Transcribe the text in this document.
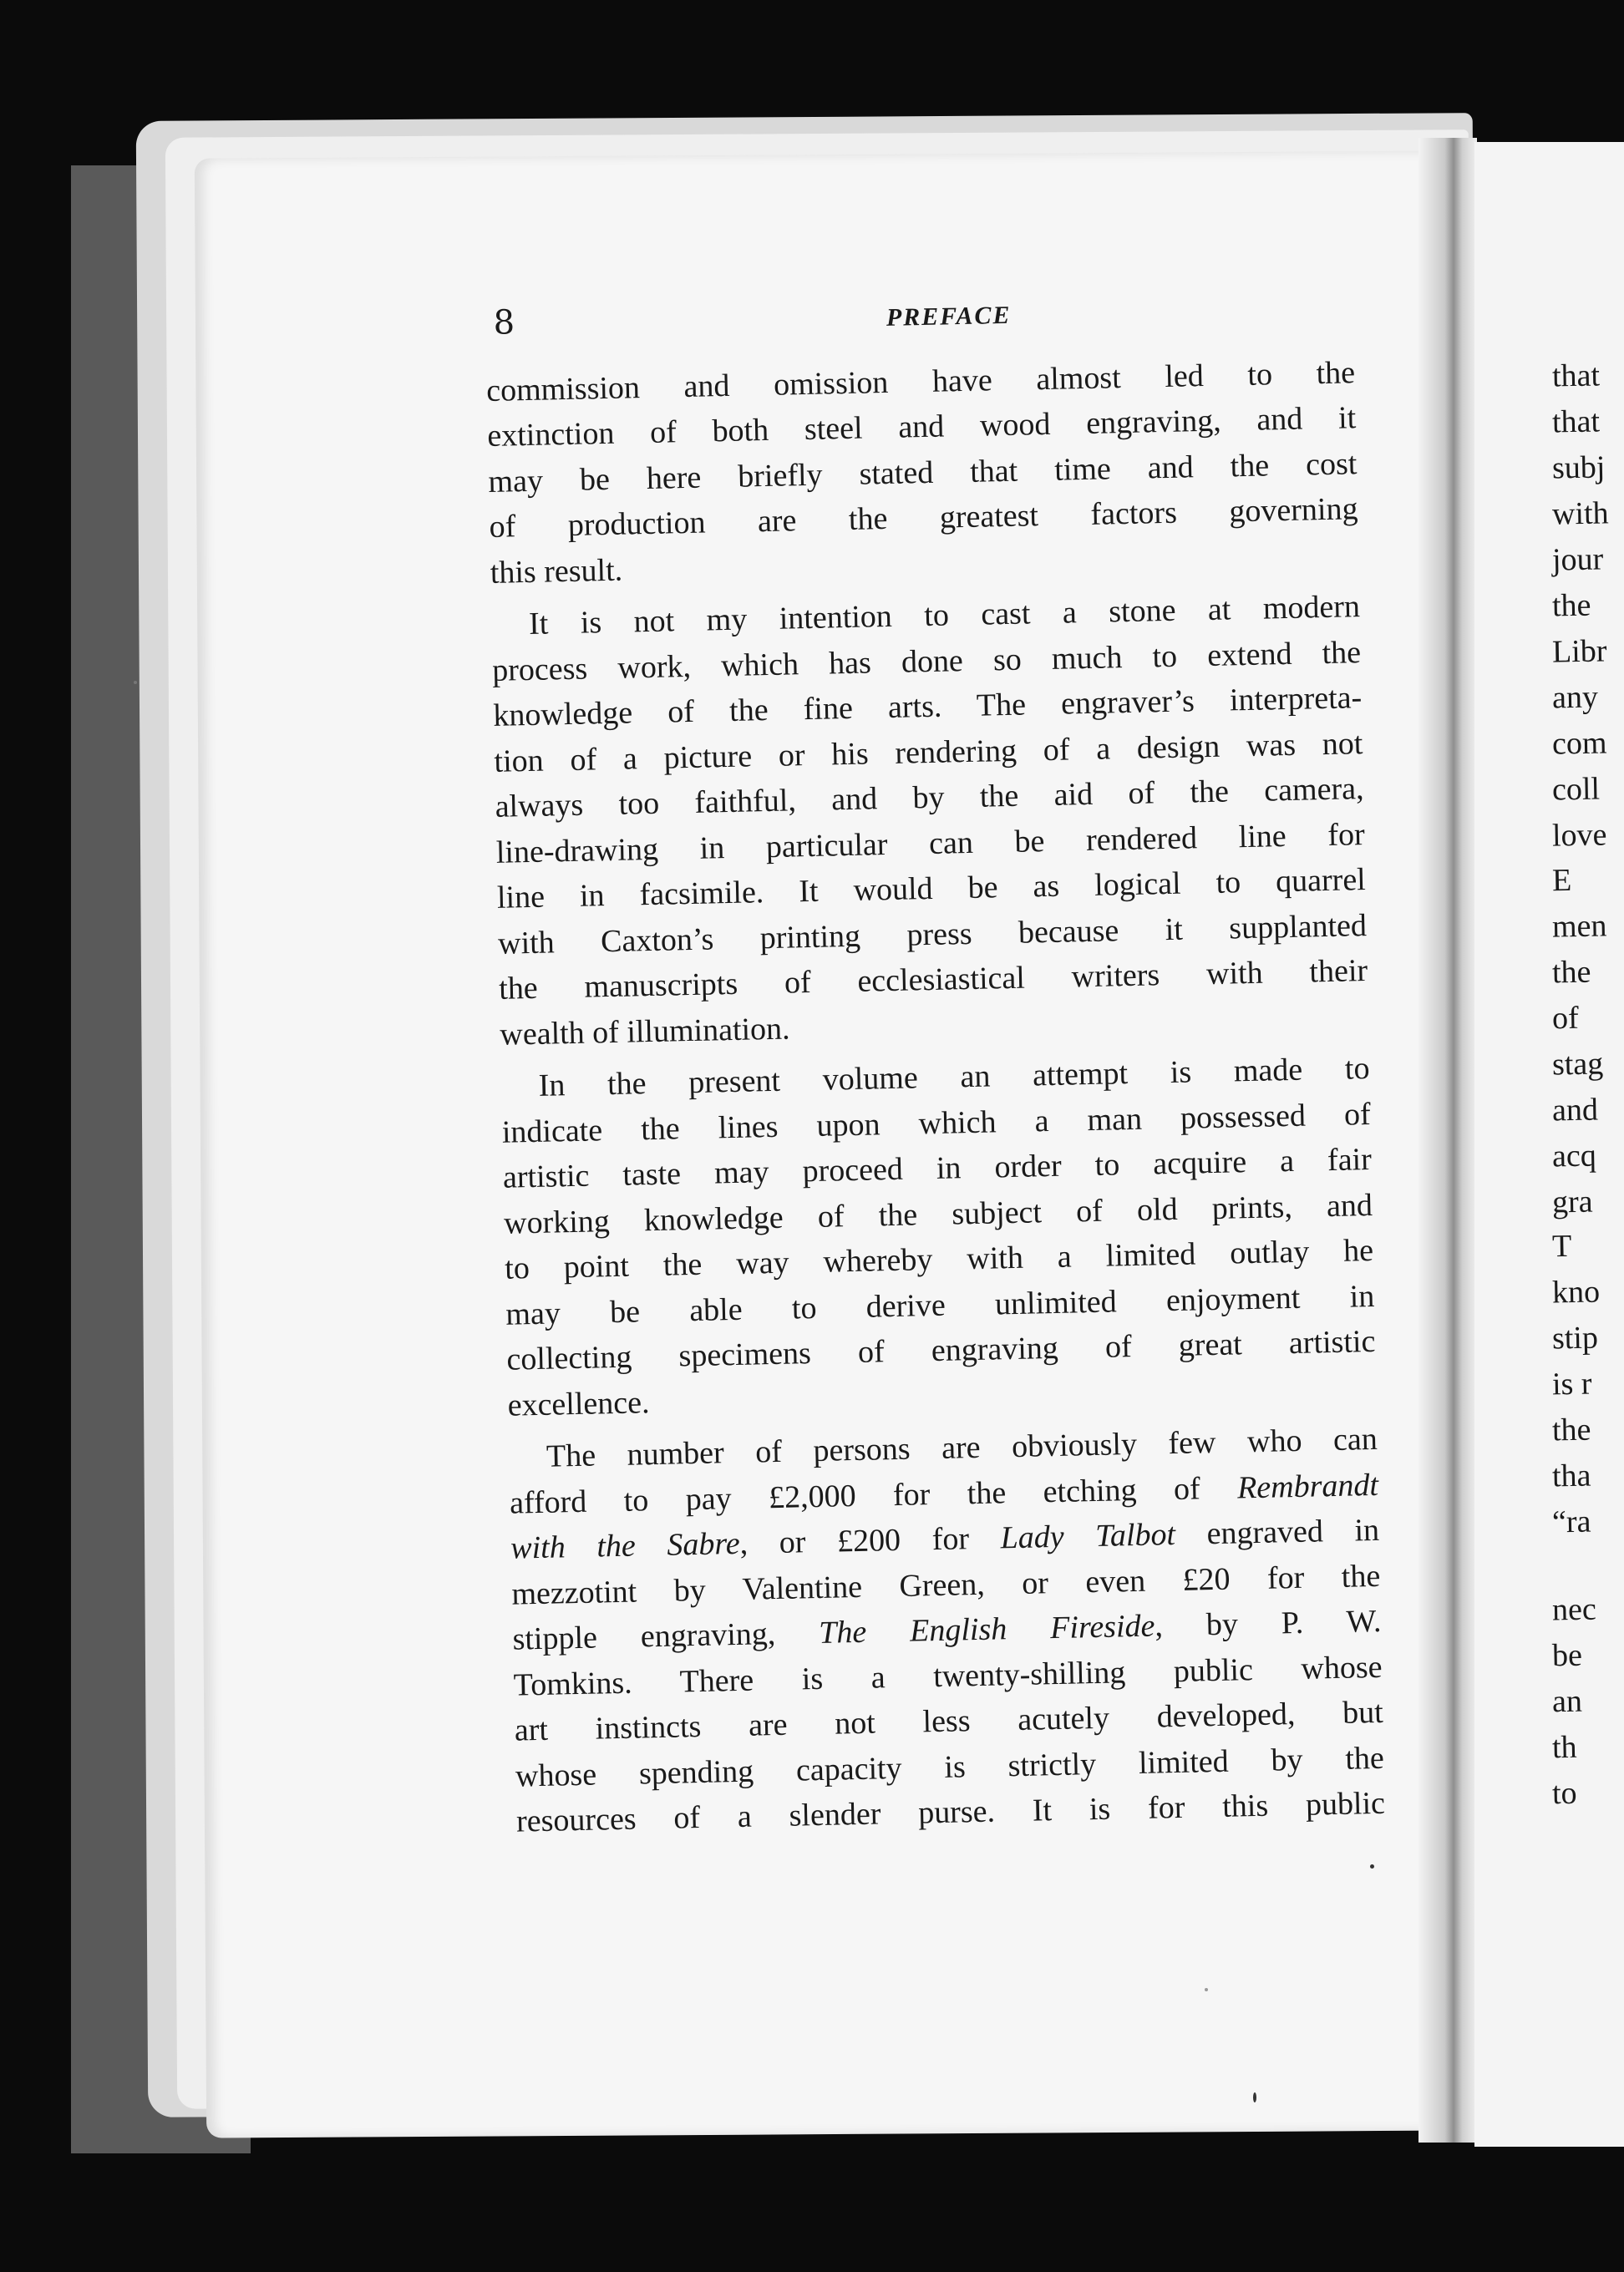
8	PREFACE
commission and omission have almost led to the
extinction of both steel and wood engraving, and it
may be here briefly stated that time and the cost
of production are the greatest factors governing
this result.
It is not my intention to cast a stone at modern
process work, which has done so much to extend the
knowledge of the fine arts. The engraver’s interpreta-
tion of a picture or his rendering of a design was not
always too faithful, and by the aid of the camera,
line-drawing in particular can be rendered line for
line in facsimile. It would be as logical to quarrel
with Caxton’s printing press because it supplanted
the manuscripts of ecclesiastical writers with their
wealth of illumination.
In the present volume an attempt is made to
indicate the lines upon which a man possessed of
artistic taste may proceed in order to acquire a fair
working knowledge of the subject of old prints, and
to point the way whereby with a limited outlay he
may be able to derive unlimited enjoyment in
collecting specimens of engraving of great artistic
excellence.
The number of persons are obviously few who can
afford to pay £2,000 for the etching of Rembrandt
with the Sabre, or £200 for Lady Talbot engraved in
mezzotint by Valentine Green, or even £20 for the
stipple engraving, The English Fireside, by P. W.
Tomkins. There is a twenty-shilling public whose
art instincts are not less acutely developed, but
whose spending capacity is strictly limited by the
resources of a slender purse. It is for this public
that
that
subj
with
jour
the
Libr
any
com
coll
love
E
men
the
of
stag
and
acq
gra
T
kno
stip
is r
the
tha
“ra
nec
be
an
th
to
